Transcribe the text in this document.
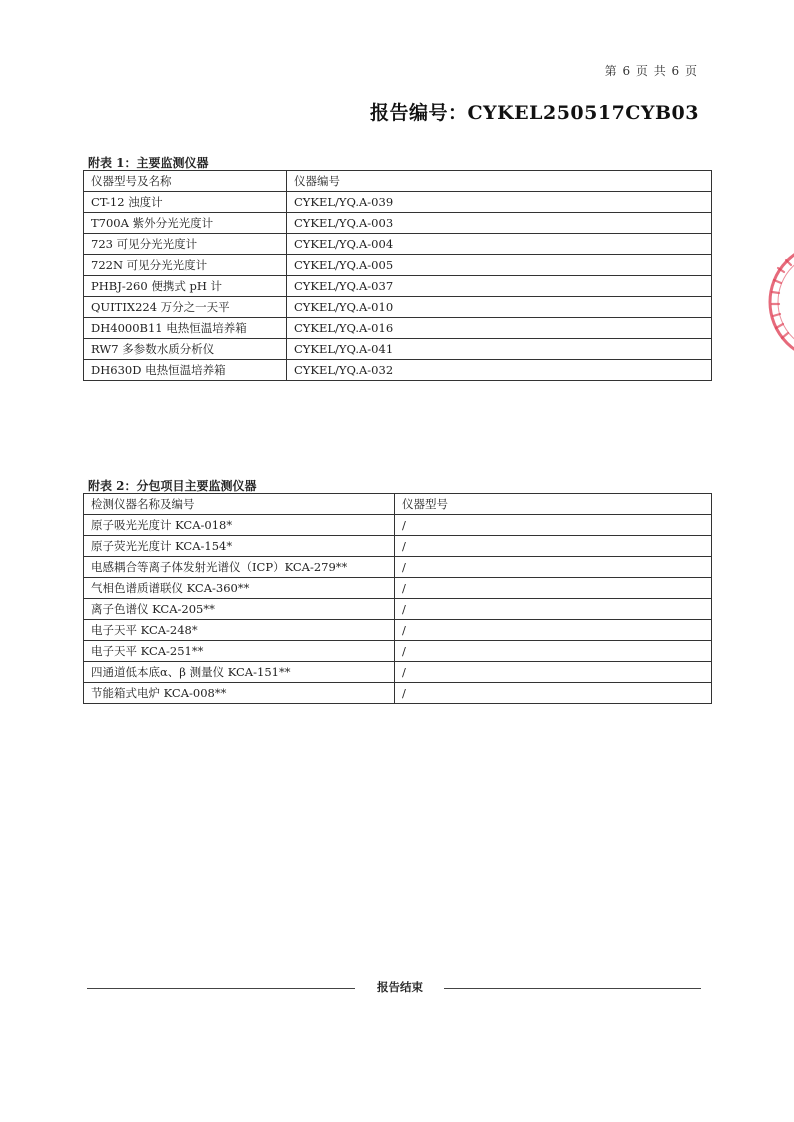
第 6 页 共 6 页
报告编号：CYKEL250517CYB03
附表 1：主要监测仪器
仪器型号及名称	仪器编号
CT-12 浊度计	CYKEL/YQ.A-039
T700A 紫外分光光度计	CYKEL/YQ.A-003
723 可见分光光度计	CYKEL/YQ.A-004
722N 可见分光光度计	CYKEL/YQ.A-005
PHBJ-260 便携式 pH 计	CYKEL/YQ.A-037
QUITIX224 万分之一天平	CYKEL/YQ.A-010
DH4000B11 电热恒温培养箱	CYKEL/YQ.A-016
RW7 多参数水质分析仪	CYKEL/YQ.A-041
DH630D 电热恒温培养箱	CYKEL/YQ.A-032
附表 2：分包项目主要监测仪器
检测仪器名称及编号	仪器型号
原子吸光光度计 KCA-018*	/
原子荧光光度计 KCA-154*	/
电感耦合等离子体发射光谱仪（ICP）KCA-279**	/
气相色谱质谱联仪 KCA-360**	/
离子色谱仪 KCA-205**	/
电子天平 KCA-248*	/
电子天平 KCA-251**	/
四通道低本底α、β 测量仪 KCA-151**	/
节能箱式电炉 KCA-008**	/
报告结束
